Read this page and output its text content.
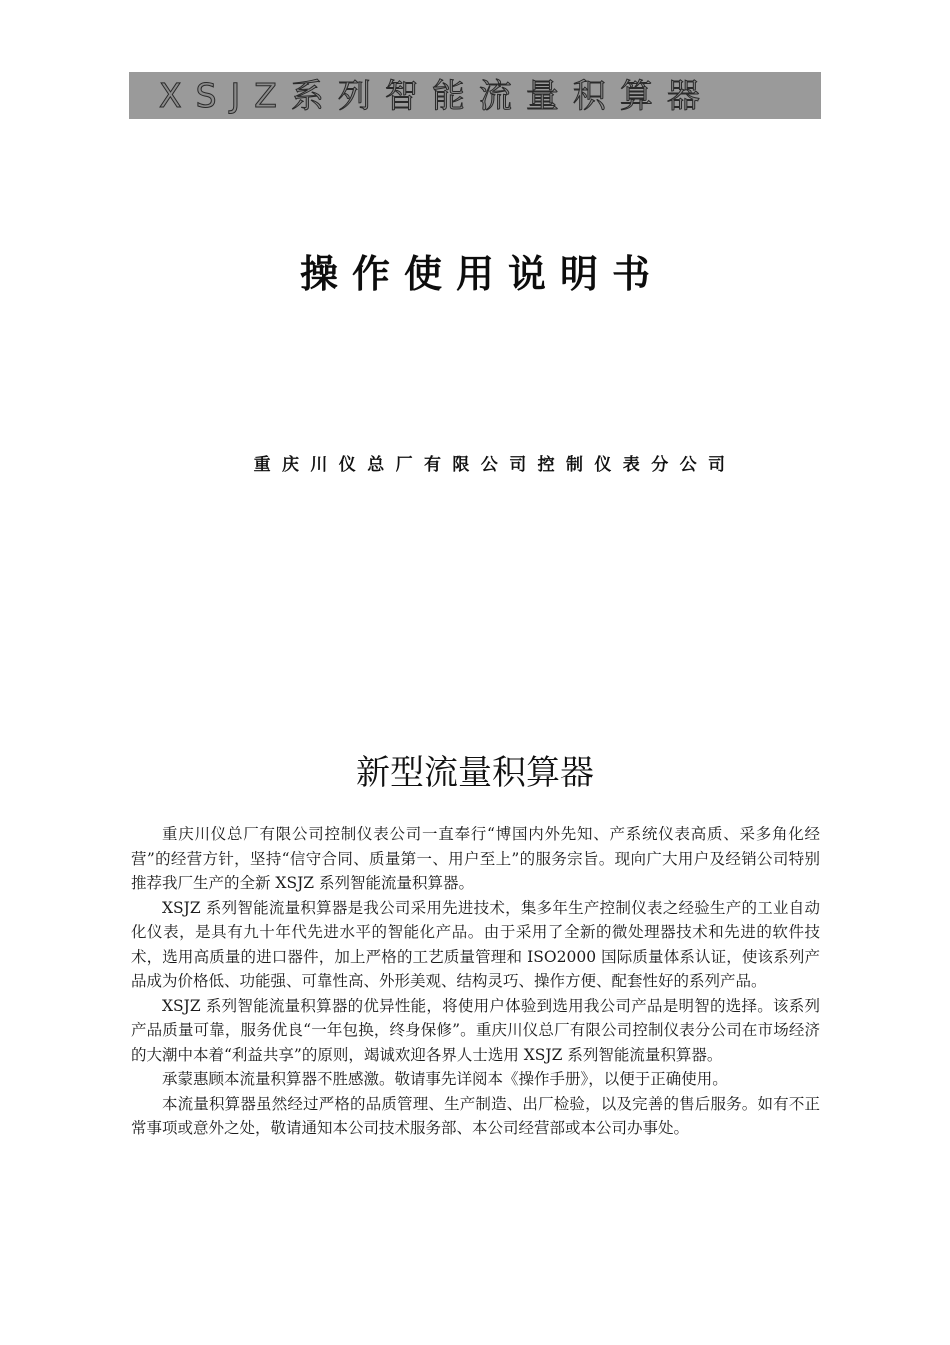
XSJZ系列智能流量积算器
操作使用说明书
重庆川仪总厂有限公司控制仪表分公司
新型流量积算器

重庆川仪总厂有限公司控制仪表公司一直奉行“博国内外先知、产系统仪表高质、采多角化经营”的经营方针，坚持“信守合同、质量第一、用户至上”的服务宗旨。现向广大用户及经销公司特别推荐我厂生产的全新 XSJZ 系列智能流量积算器。

XSJZ 系列智能流量积算器是我公司采用先进技术，集多年生产控制仪表之经验生产的工业自动化仪表，是具有九十年代先进水平的智能化产品。由于采用了全新的微处理器技术和先进的软件技术，选用高质量的进口器件，加上严格的工艺质量管理和 ISO2000 国际质量体系认证，使该系列产品成为价格低、功能强、可靠性高、外形美观、结构灵巧、操作方便、配套性好的系列产品。

XSJZ 系列智能流量积算器的优异性能，将使用户体验到选用我公司产品是明智的选择。该系列产品质量可靠，服务优良“一年包换，终身保修”。重庆川仪总厂有限公司控制仪表分公司在市场经济的大潮中本着“利益共享”的原则，竭诚欢迎各界人士选用 XSJZ 系列智能流量积算器。

承蒙惠顾本流量积算器不胜感激。敬请事先详阅本《操作手册》，以便于正确使用。

本流量积算器虽然经过严格的品质管理、生产制造、出厂检验，以及完善的售后服务。如有不正常事项或意外之处，敬请通知本公司技术服务部、本公司经营部或本公司办事处。
